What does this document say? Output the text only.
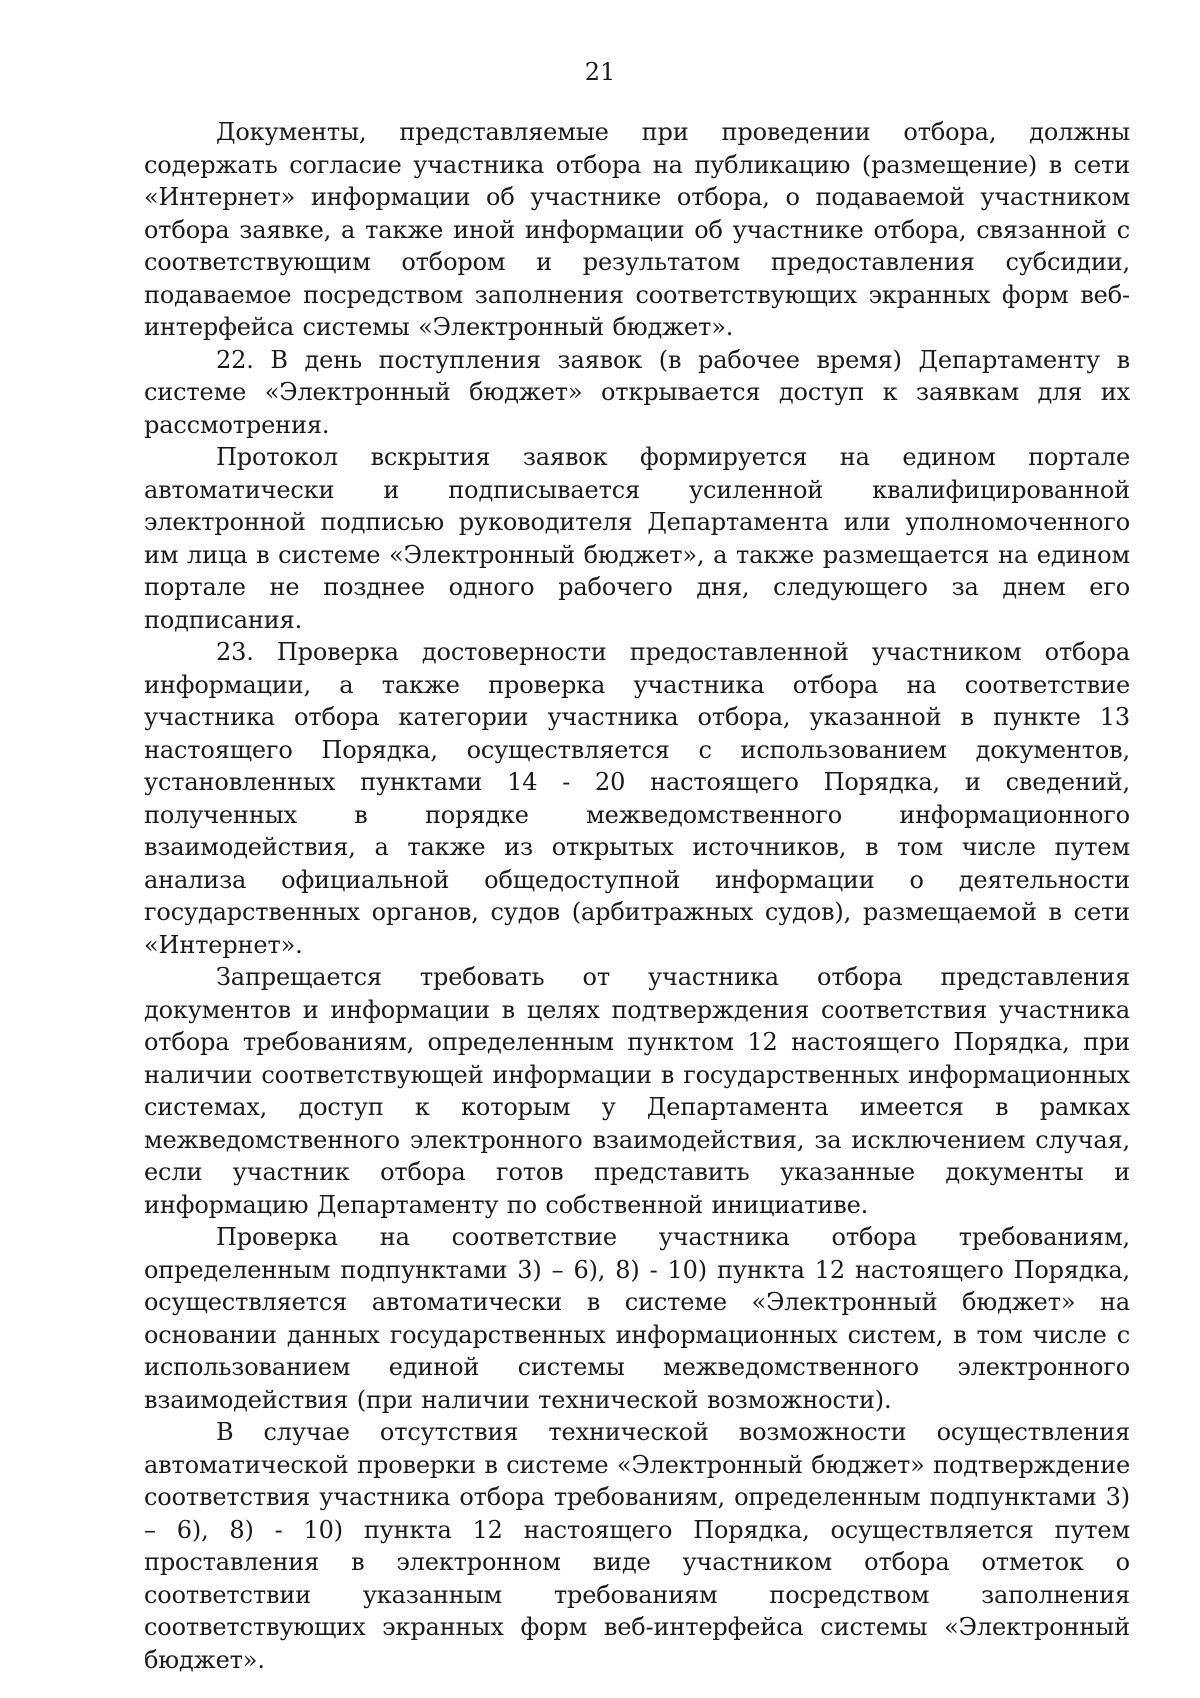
21

Документы, представляемые при проведении отбора, должны содержать согласие участника отбора на публикацию (размещение) в сети «Интернет» информации об участнике отбора, о подаваемой участником отбора заявке, а также иной информации об участнике отбора, связанной с соответствующим отбором и результатом предоставления субсидии, подаваемое посредством заполнения соответствующих экранных форм веб-интерфейса системы «Электронный бюджет».

22. В день поступления заявок (в рабочее время) Департаменту в системе «Электронный бюджет» открывается доступ к заявкам для их рассмотрения.

Протокол вскрытия заявок формируется на едином портале автоматически и подписывается усиленной квалифицированной электронной подписью руководителя Департамента или уполномоченного им лица в системе «Электронный бюджет», а также размещается на едином портале не позднее одного рабочего дня, следующего за днем его подписания.

23. Проверка достоверности предоставленной участником отбора информации, а также проверка участника отбора на соответствие участника отбора категории участника отбора, указанной в пункте 13 настоящего Порядка, осуществляется с использованием документов, установленных пунктами 14 - 20 настоящего Порядка, и сведений, полученных в порядке межведомственного информационного взаимодействия, а также из открытых источников, в том числе путем анализа официальной общедоступной информации о деятельности государственных органов, судов (арбитражных судов), размещаемой в сети «Интернет».

Запрещается требовать от участника отбора представления документов и информации в целях подтверждения соответствия участника отбора требованиям, определенным пунктом 12 настоящего Порядка, при наличии соответствующей информации в государственных информационных системах, доступ к которым у Департамента имеется в рамках межведомственного электронного взаимодействия, за исключением случая, если участник отбора готов представить указанные документы и информацию Департаменту по собственной инициативе.

Проверка на соответствие участника отбора требованиям, определенным подпунктами 3) – 6), 8) - 10) пункта 12 настоящего Порядка, осуществляется автоматически в системе «Электронный бюджет» на основании данных государственных информационных систем, в том числе с использованием единой системы межведомственного электронного взаимодействия (при наличии технической возможности).

В случае отсутствия технической возможности осуществления автоматической проверки в системе «Электронный бюджет» подтверждение соответствия участника отбора требованиям, определенным подпунктами 3) – 6), 8) - 10) пункта 12 настоящего Порядка, осуществляется путем проставления в электронном виде участником отбора отметок о соответствии указанным требованиям посредством заполнения соответствующих экранных форм веб-интерфейса системы «Электронный бюджет».
